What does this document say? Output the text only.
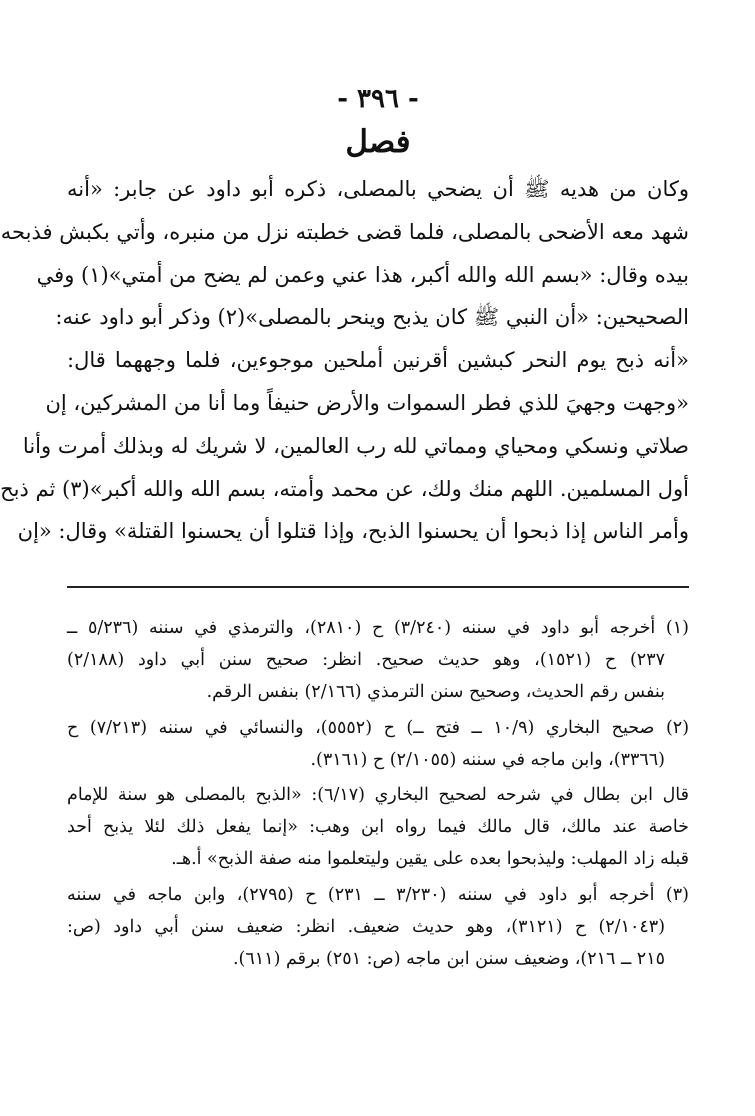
- ٣٩٦ -
فصل
وكان من هديه ﷺ أن يضحي بالمصلى، ذكره أبو داود عن جابر: «أنه
شهد معه الأضحى بالمصلى، فلما قضى خطبته نزل من منبره، وأتي بكبش فذبحه
بيده وقال: «بسم الله والله أكبر، هذا عني وعمن لم يضح من أمتي»(١) وفي
الصحيحين: «أن النبي ﷺ كان يذبح وينحر بالمصلى»(٢) وذكر أبو داود عنه:
«أنه ذبح يوم النحر كبشين أقرنين أملحين موجوءين، فلما وجههما قال:
«وجهت وجهيَ للذي فطر السموات والأرض حنيفاً وما أنا من المشركين، إن
صلاتي ونسكي ومحياي ومماتي لله رب العالمين، لا شريك له وبذلك أمرت وأنا
أول المسلمين. اللهم منك ولك، عن محمد وأمته، بسم الله والله أكبر»(٣) ثم ذبح
وأمر الناس إذا ذبحوا أن يحسنوا الذبح، وإذا قتلوا أن يحسنوا القتلة» وقال: «إن
(١) أخرجه أبو داود في سننه (٣/٢٤٠) ح (٢٨١٠)، والترمذي في سننه (٥/٢٣٦ ــ
٢٣٧) ح (١٥٢١)، وهو حديث صحيح. انظر: صحيح سنن أبي داود (٢/١٨٨)
بنفس رقم الحديث، وصحيح سنن الترمذي (٢/١٦٦) بنفس الرقم.
(٢) صحيح البخاري (١٠/٩ ــ فتح ــ) ح (٥٥٥٢)، والنسائي في سننه (٧/٢١٣) ح
(٣٣٦٦)، وابن ماجه في سننه (٢/١٠٥٥) ح (٣١٦١).
قال ابن بطال في شرحه لصحيح البخاري (٦/١٧): «الذبح بالمصلى هو سنة للإمام
خاصة عند مالك، قال مالك فيما رواه ابن وهب: «إنما يفعل ذلك لئلا يذبح أحد
قبله زاد المهلب: وليذبحوا بعده على يقين وليتعلموا منه صفة الذبح» أ.هـ.
(٣) أخرجه أبو داود في سننه (٣/٢٣٠ ــ ٢٣١) ح (٢٧٩٥)، وابن ماجه في سننه
(٢/١٠٤٣) ح (٣١٢١)، وهو حديث ضعيف. انظر: ضعيف سنن أبي داود (ص:
٢١٥ ــ ٢١٦)، وضعيف سنن ابن ماجه (ص: ٢٥١) برقم (٦١١).
